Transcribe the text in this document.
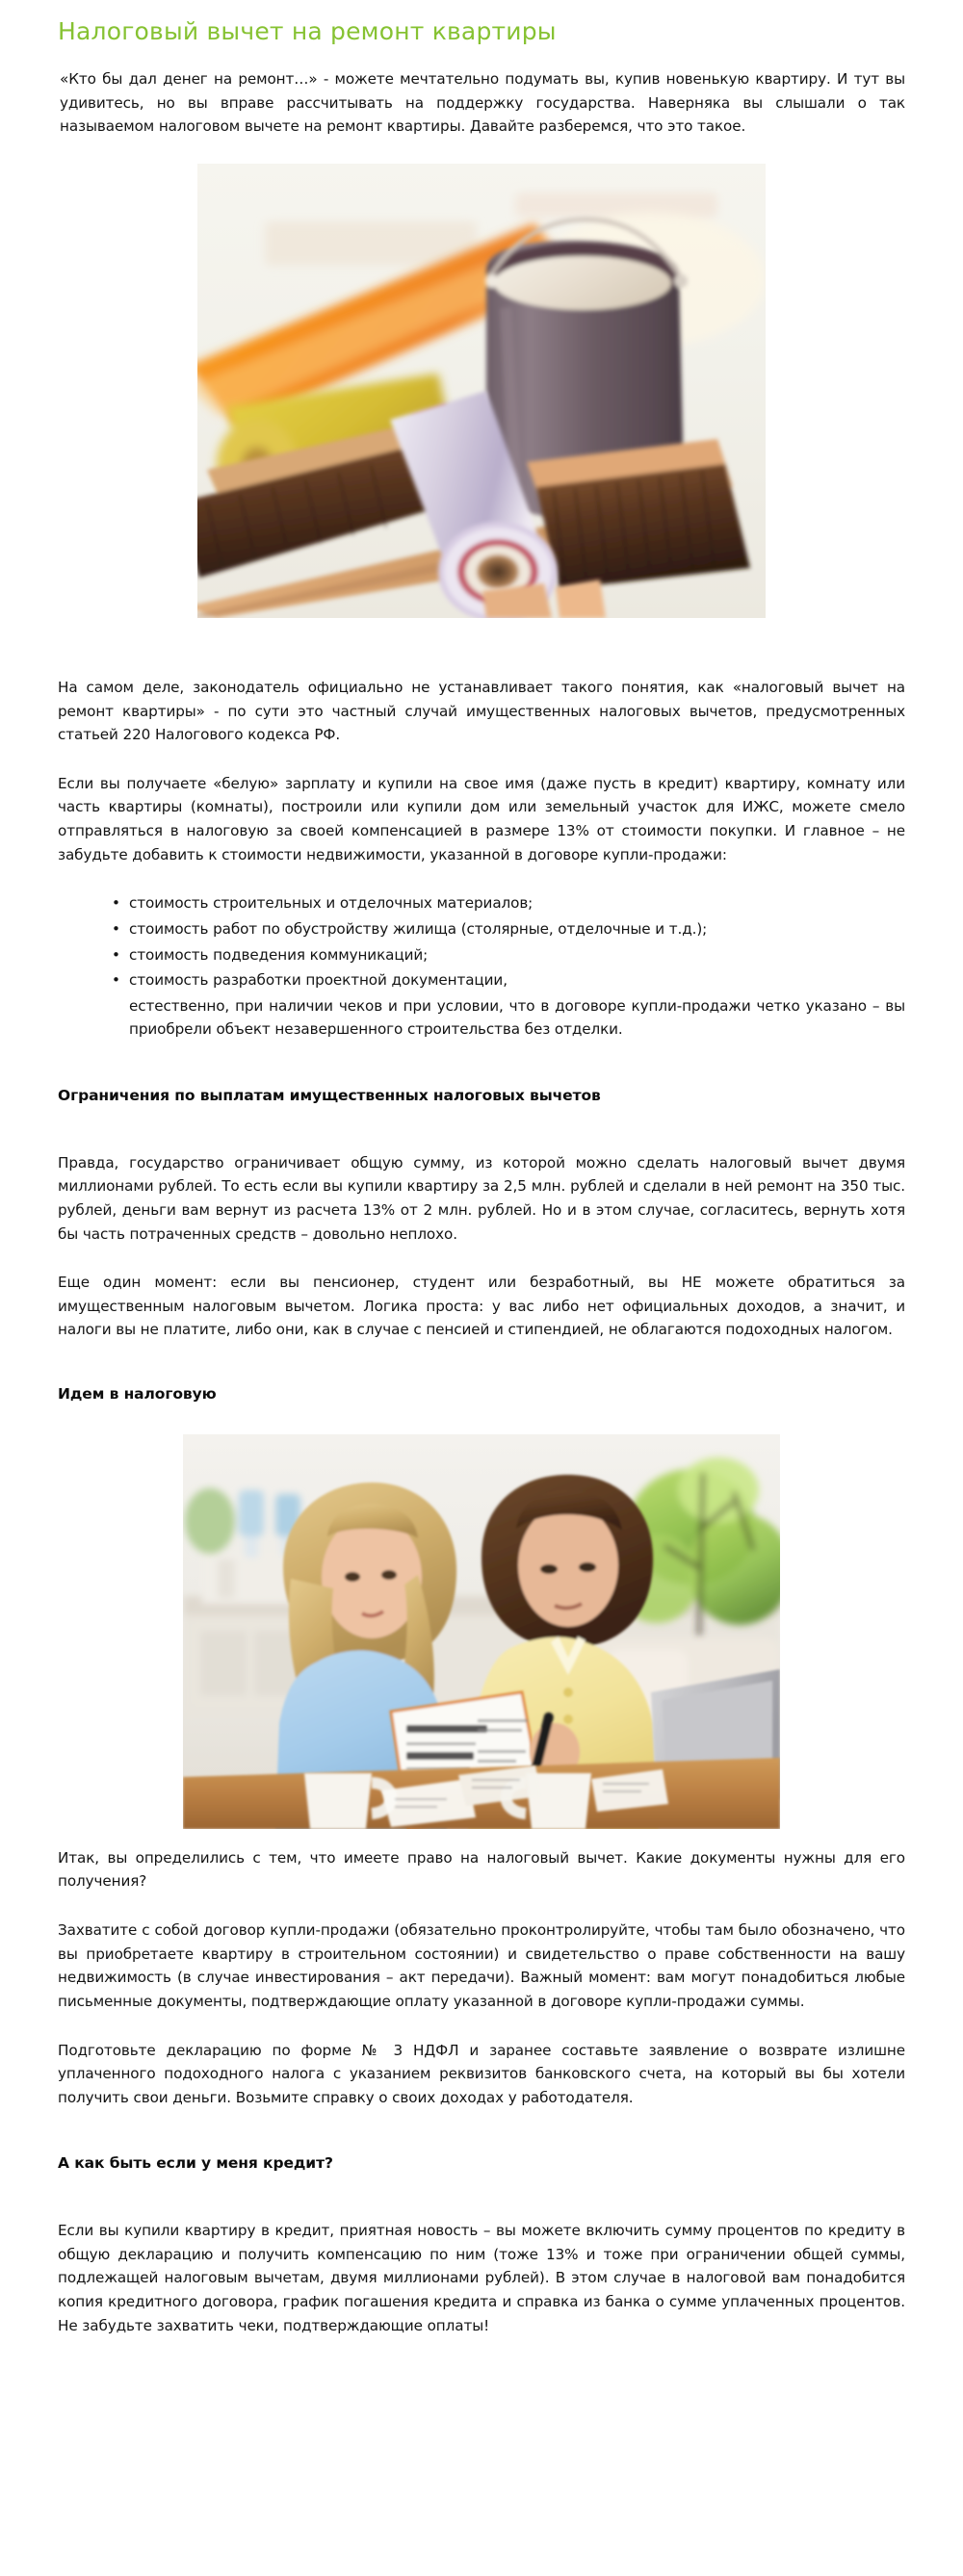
Налоговый вычет на ремонт квартиры

«Кто бы дал денег на ремонт…» - можете мечтательно подумать вы, купив новенькую квартиру. И тут вы удивитесь, но вы вправе рассчитывать на поддержку государства. Наверняка вы слышали о так называемом налоговом вычете на ремонт квартиры. Давайте разберемся, что это такое.

На самом деле, законодатель официально не устанавливает такого понятия, как «налоговый вычет на ремонт квартиры» - по сути это частный случай имущественных налоговых вычетов, предусмотренных статьей 220 Налогового кодекса РФ.

Если вы получаете «белую» зарплату и купили на свое имя (даже пусть в кредит) квартиру, комнату или часть квартиры (комнаты), построили или купили дом или земельный участок для ИЖС, можете смело отправляться в налоговую за своей компенсацией в размере 13% от стоимости покупки. И главное – не забудьте добавить к стоимости недвижимости, указанной в договоре купли-продажи:

• стоимость строительных и отделочных материалов;
• стоимость работ по обустройству жилища (столярные, отделочные и т.д.);
• стоимость подведения коммуникаций;
• стоимость разработки проектной документации,
естественно, при наличии чеков и при условии, что в договоре купли-продажи четко указано – вы приобрели объект незавершенного строительства без отделки.
Ограничения по выплатам имущественных налоговых вычетов

Правда, государство ограничивает общую сумму, из которой можно сделать налоговый вычет двумя миллионами рублей. То есть если вы купили квартиру за 2,5 млн. рублей и сделали в ней ремонт на 350 тыс. рублей, деньги вам вернут из расчета 13% от 2 млн. рублей. Но и в этом случае, согласитесь, вернуть хотя бы часть потраченных средств – довольно неплохо.

Еще один момент: если вы пенсионер, студент или безработный, вы НЕ можете обратиться за имущественным налоговым вычетом. Логика проста: у вас либо нет официальных доходов, а значит, и налоги вы не платите, либо они, как в случае с пенсией и стипендией, не облагаются подоходных налогом.

Идем в налоговую

Итак, вы определились с тем, что имеете право на налоговый вычет. Какие документы нужны для его получения?

Захватите с собой договор купли-продажи (обязательно проконтролируйте, чтобы там было обозначено, что вы приобретаете квартиру в строительном состоянии) и свидетельство о праве собственности на вашу недвижимость (в случае инвестирования – акт передачи). Важный момент: вам могут понадобиться любые письменные документы, подтверждающие оплату указанной в договоре купли-продажи суммы.

Подготовьте декларацию по форме № 3 НДФЛ и заранее составьте заявление о возврате излишне уплаченного подоходного налога с указанием реквизитов банковского счета, на который вы бы хотели получить свои деньги. Возьмите справку о своих доходах у работодателя.

А как быть если у меня кредит?

Если вы купили квартиру в кредит, приятная новость – вы можете включить сумму процентов по кредиту в общую декларацию и получить компенсацию по ним (тоже 13% и тоже при ограничении общей суммы, подлежащей налоговым вычетам, двумя миллионами рублей). В этом случае в налоговой вам понадобится копия кредитного договора, график погашения кредита и справка из банка о сумме уплаченных процентов. Не забудьте захватить чеки, подтверждающие оплаты!
